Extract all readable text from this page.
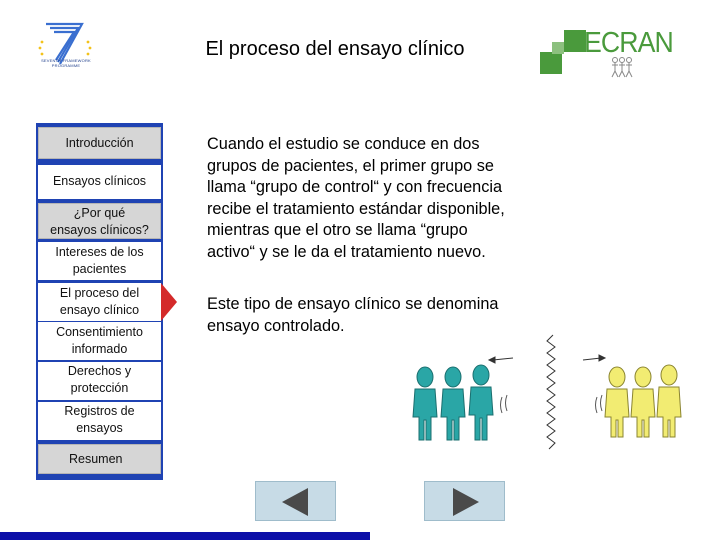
SEVENTH FRAMEWORK PROGRAMME
El proceso del ensayo clínico	ECRAN
Introducción
Ensayos clínicos
¿Por qué ensayos clínicos?
Intereses de los pacientes
El proceso del ensayo clínico
Consentimiento informado
Derechos y protección
Registros de ensayos
Resumen
Cuando el estudio se conduce en dos grupos de pacientes, el primer grupo se llama “grupo de control“ y con frecuencia recibe el tratamiento estándar disponible, mientras que el otro se llama “grupo activo“ y se le da el tratamiento nuevo.
Este tipo de ensayo clínico se denomina ensayo controlado.
